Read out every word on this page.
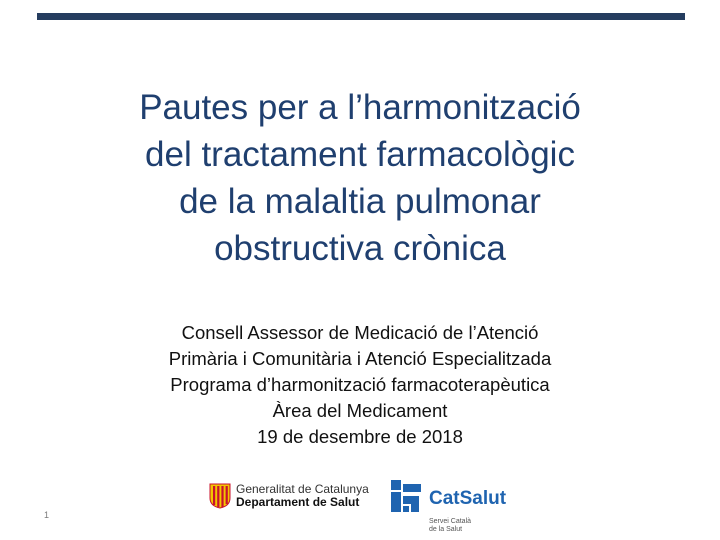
Pautes per a l’harmonització
del tractament farmacològic
de la malaltia pulmonar
obstructiva crònica
Consell Assessor de Medicació de l’Atenció
Primària i Comunitària i Atenció Especialitzada
Programa d’harmonització farmacoterapèutica
Àrea del Medicament
19 de desembre de 2018
1
Generalitat de Catalunya
Departament de Salut	CatSalut
Servei Català
de la Salut
